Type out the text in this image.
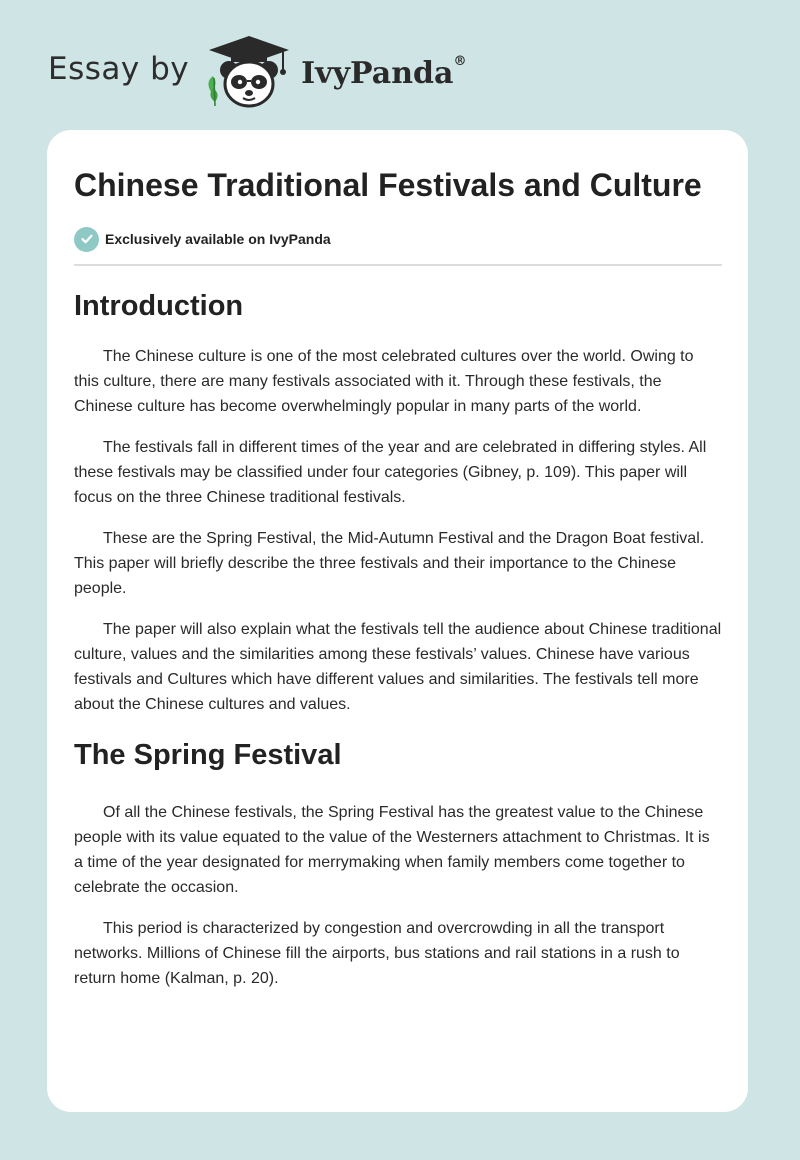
Essay by	IvyPanda®
Chinese Traditional Festivals and Culture
Exclusively available on IvyPanda
Introduction

The Chinese culture is one of the most celebrated cultures over the world. Owing to this culture, there are many festivals associated with it. Through these festivals, the Chinese culture has become overwhelmingly popular in many parts of the world.

The festivals fall in different times of the year and are celebrated in differing styles. All these festivals may be classified under four categories (Gibney, p. 109). This paper will focus on the three Chinese traditional festivals.

These are the Spring Festival, the Mid-Autumn Festival and the Dragon Boat festival. This paper will briefly describe the three festivals and their importance to the Chinese people.

The paper will also explain what the festivals tell the audience about Chinese traditional culture, values and the similarities among these festivals’ values. Chinese have various festivals and Cultures which have different values and similarities. The festivals tell more about the Chinese cultures and values.

The Spring Festival

Of all the Chinese festivals, the Spring Festival has the greatest value to the Chinese people with its value equated to the value of the Westerners attachment to Christmas. It is a time of the year designated for merrymaking when family members come together to celebrate the occasion.

This period is characterized by congestion and overcrowding in all the transport networks. Millions of Chinese fill the airports, bus stations and rail stations in a rush to return home (Kalman, p. 20).
